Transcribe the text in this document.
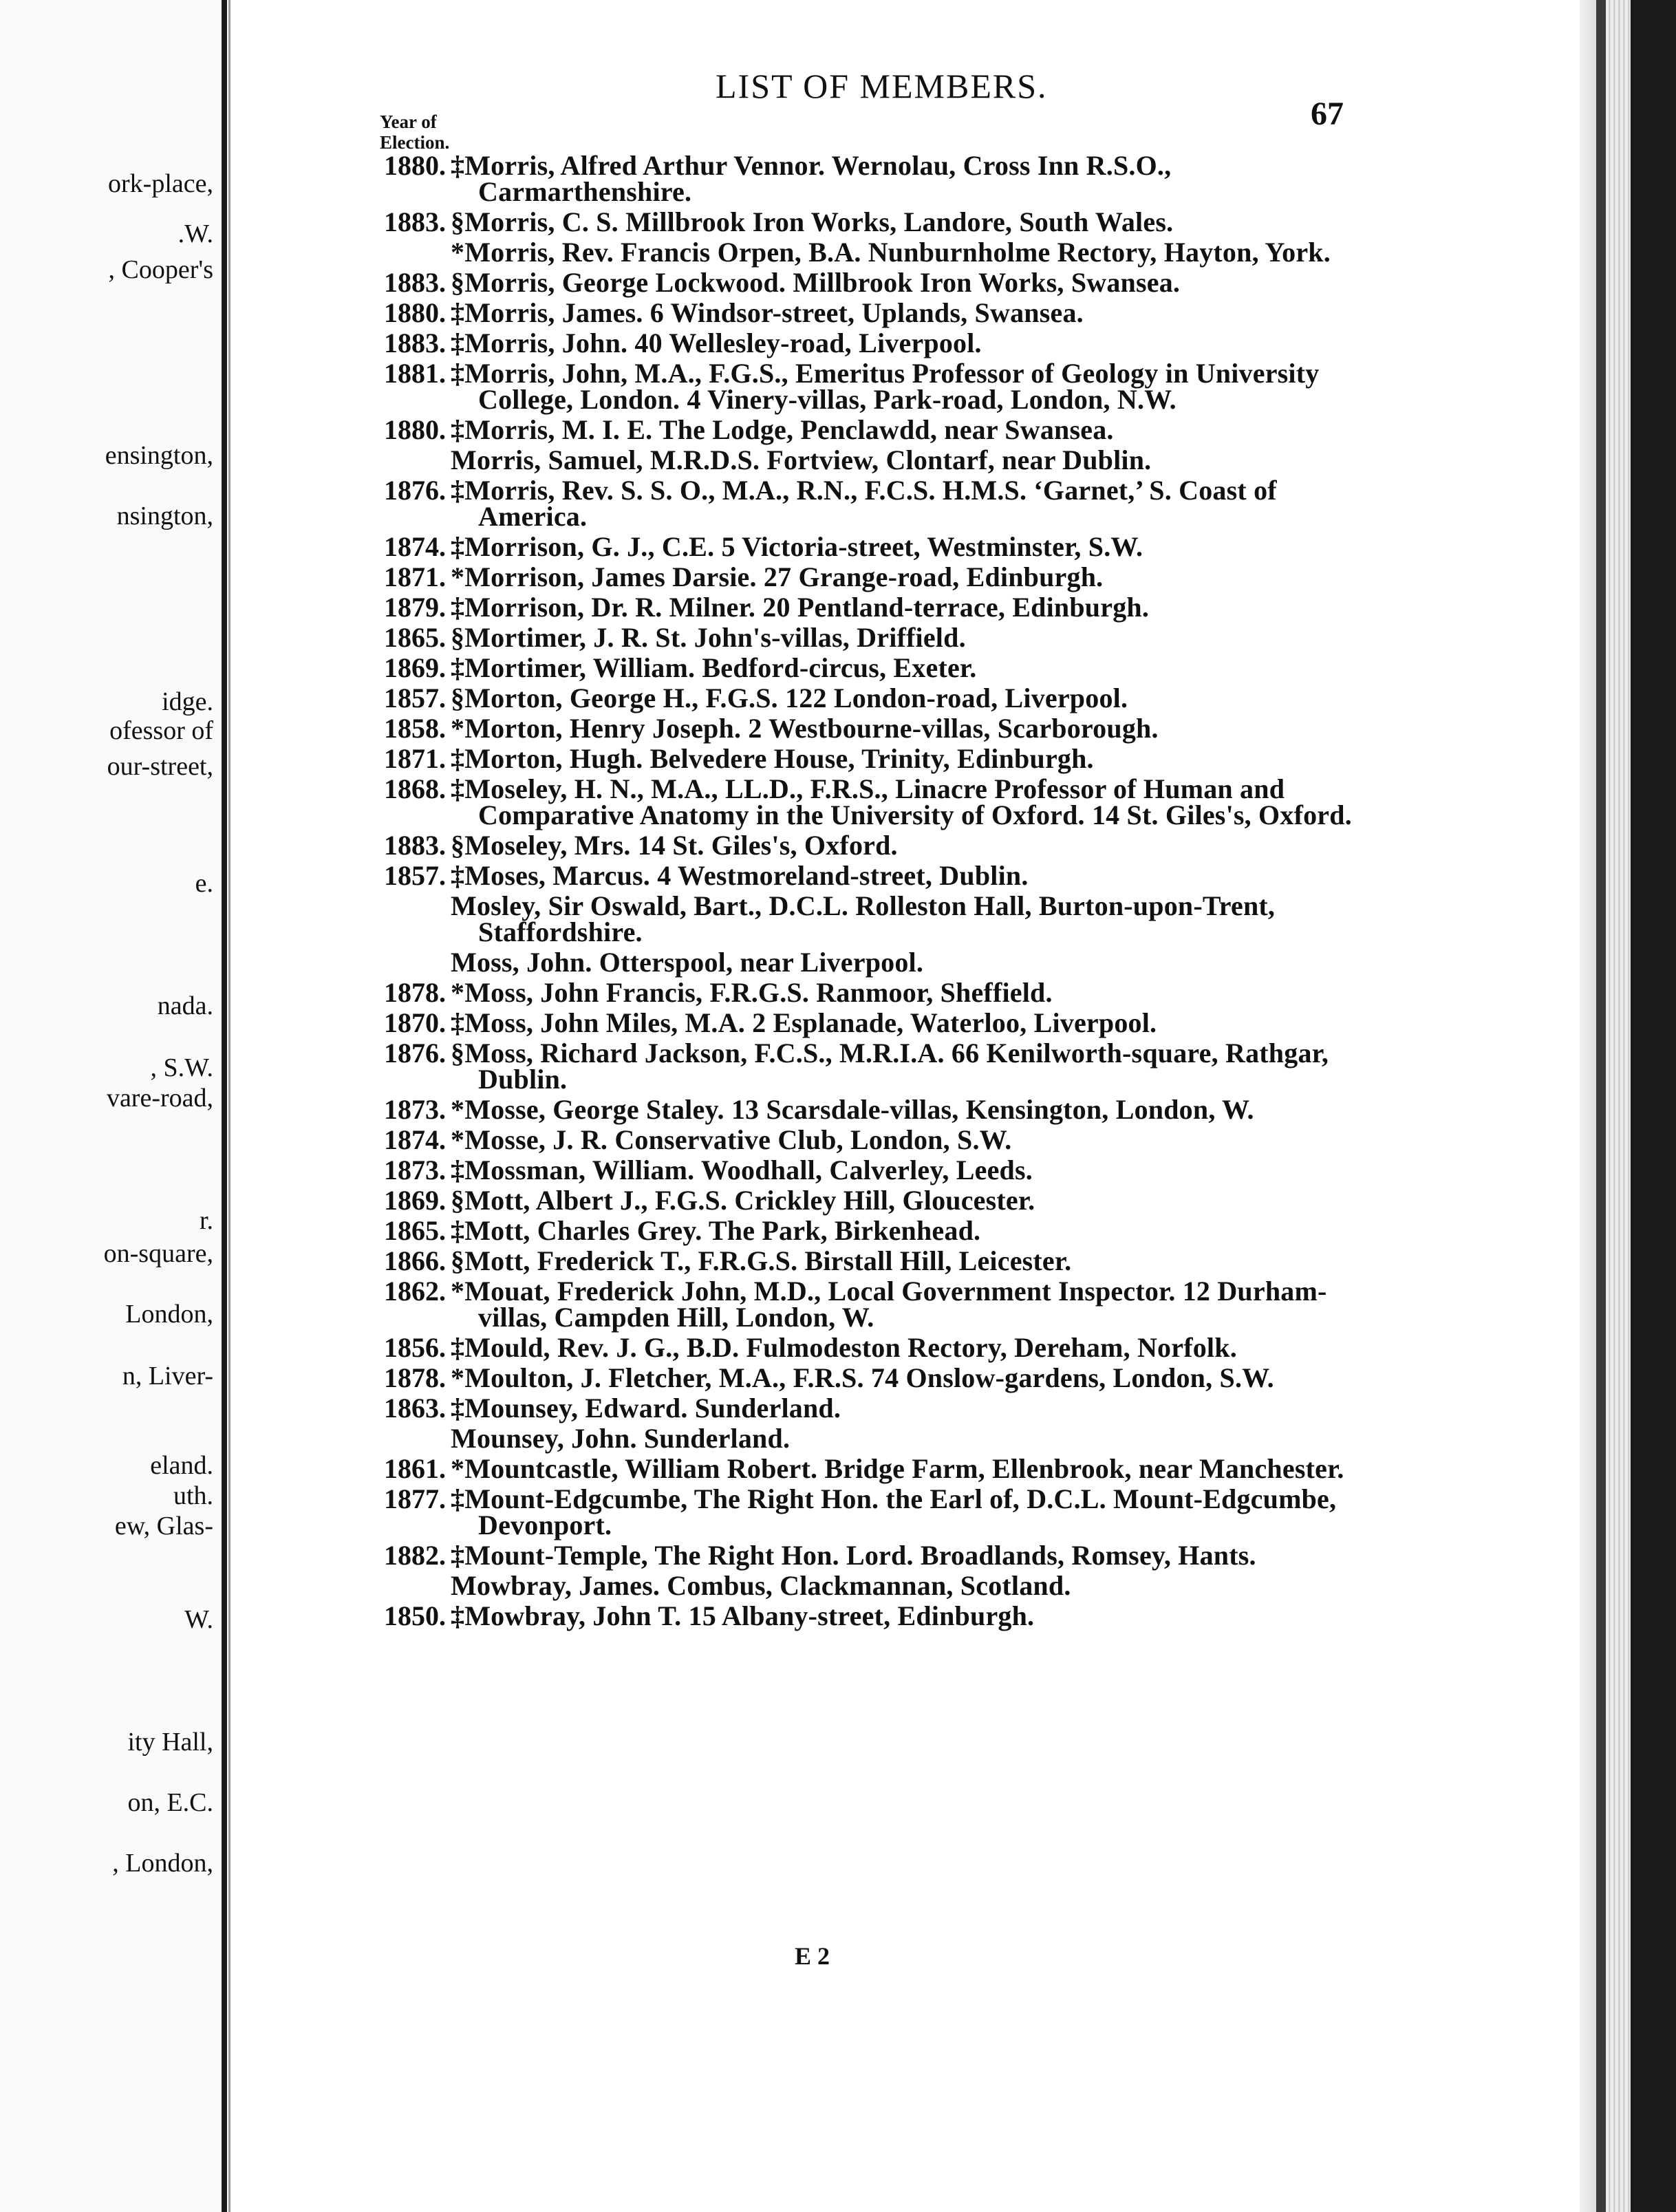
ork-place,
.W.
, Cooper's
ensington,
nsington,
idge.
ofessor of
our-street,
e.
nada.
, S.W.
vare-road,
r.
on-square,
London,
n, Liver-
eland.
uth.
ew, Glas-
W.
ity Hall,
on, E.C.
, London,
LIST OF MEMBERS.
67
Year of
Election.
1880. ‡Morris, Alfred Arthur Vennor. Wernolau, Cross Inn R.S.O., Carmarthenshire.
1883. §Morris, C. S. Millbrook Iron Works, Landore, South Wales.
*Morris, Rev. Francis Orpen, B.A. Nunburnholme Rectory, Hayton, York.
1883. §Morris, George Lockwood. Millbrook Iron Works, Swansea.
1880. ‡Morris, James. 6 Windsor-street, Uplands, Swansea.
1883. ‡Morris, John. 40 Wellesley-road, Liverpool.
1881. ‡Morris, John, M.A., F.G.S., Emeritus Professor of Geology in University College, London. 4 Vinery-villas, Park-road, London, N.W.
1880. ‡Morris, M. I. E. The Lodge, Penclawdd, near Swansea.
Morris, Samuel, M.R.D.S. Fortview, Clontarf, near Dublin.
1876. ‡Morris, Rev. S. S. O., M.A., R.N., F.C.S. H.M.S. ‘Garnet,’ S. Coast of America.
1874. ‡Morrison, G. J., C.E. 5 Victoria-street, Westminster, S.W.
1871. *Morrison, James Darsie. 27 Grange-road, Edinburgh.
1879. ‡Morrison, Dr. R. Milner. 20 Pentland-terrace, Edinburgh.
1865. §Mortimer, J. R. St. John's-villas, Driffield.
1869. ‡Mortimer, William. Bedford-circus, Exeter.
1857. §Morton, George H., F.G.S. 122 London-road, Liverpool.
1858. *Morton, Henry Joseph. 2 Westbourne-villas, Scarborough.
1871. ‡Morton, Hugh. Belvedere House, Trinity, Edinburgh.
1868. ‡Moseley, H. N., M.A., LL.D., F.R.S., Linacre Professor of Human and Comparative Anatomy in the University of Oxford. 14 St. Giles's, Oxford.
1883. §Moseley, Mrs. 14 St. Giles's, Oxford.
1857. ‡Moses, Marcus. 4 Westmoreland-street, Dublin.
Mosley, Sir Oswald, Bart., D.C.L. Rolleston Hall, Burton-upon-Trent, Staffordshire.
Moss, John. Otterspool, near Liverpool.
1878. *Moss, John Francis, F.R.G.S. Ranmoor, Sheffield.
1870. ‡Moss, John Miles, M.A. 2 Esplanade, Waterloo, Liverpool.
1876. §Moss, Richard Jackson, F.C.S., M.R.I.A. 66 Kenilworth-square, Rathgar, Dublin.
1873. *Mosse, George Staley. 13 Scarsdale-villas, Kensington, London, W.
1874. *Mosse, J. R. Conservative Club, London, S.W.
1873. ‡Mossman, William. Woodhall, Calverley, Leeds.
1869. §Mott, Albert J., F.G.S. Crickley Hill, Gloucester.
1865. ‡Mott, Charles Grey. The Park, Birkenhead.
1866. §Mott, Frederick T., F.R.G.S. Birstall Hill, Leicester.
1862. *Mouat, Frederick John, M.D., Local Government Inspector. 12 Durham-villas, Campden Hill, London, W.
1856. ‡Mould, Rev. J. G., B.D. Fulmodeston Rectory, Dereham, Norfolk.
1878. *Moulton, J. Fletcher, M.A., F.R.S. 74 Onslow-gardens, London, S.W.
1863. ‡Mounsey, Edward. Sunderland.
Mounsey, John. Sunderland.
1861. *Mountcastle, William Robert. Bridge Farm, Ellenbrook, near Manchester.
1877. ‡Mount-Edgcumbe, The Right Hon. the Earl of, D.C.L. Mount-Edgcumbe, Devonport.
1882. ‡Mount-Temple, The Right Hon. Lord. Broadlands, Romsey, Hants.
Mowbray, James. Combus, Clackmannan, Scotland.
1850. ‡Mowbray, John T. 15 Albany-street, Edinburgh.
E 2
